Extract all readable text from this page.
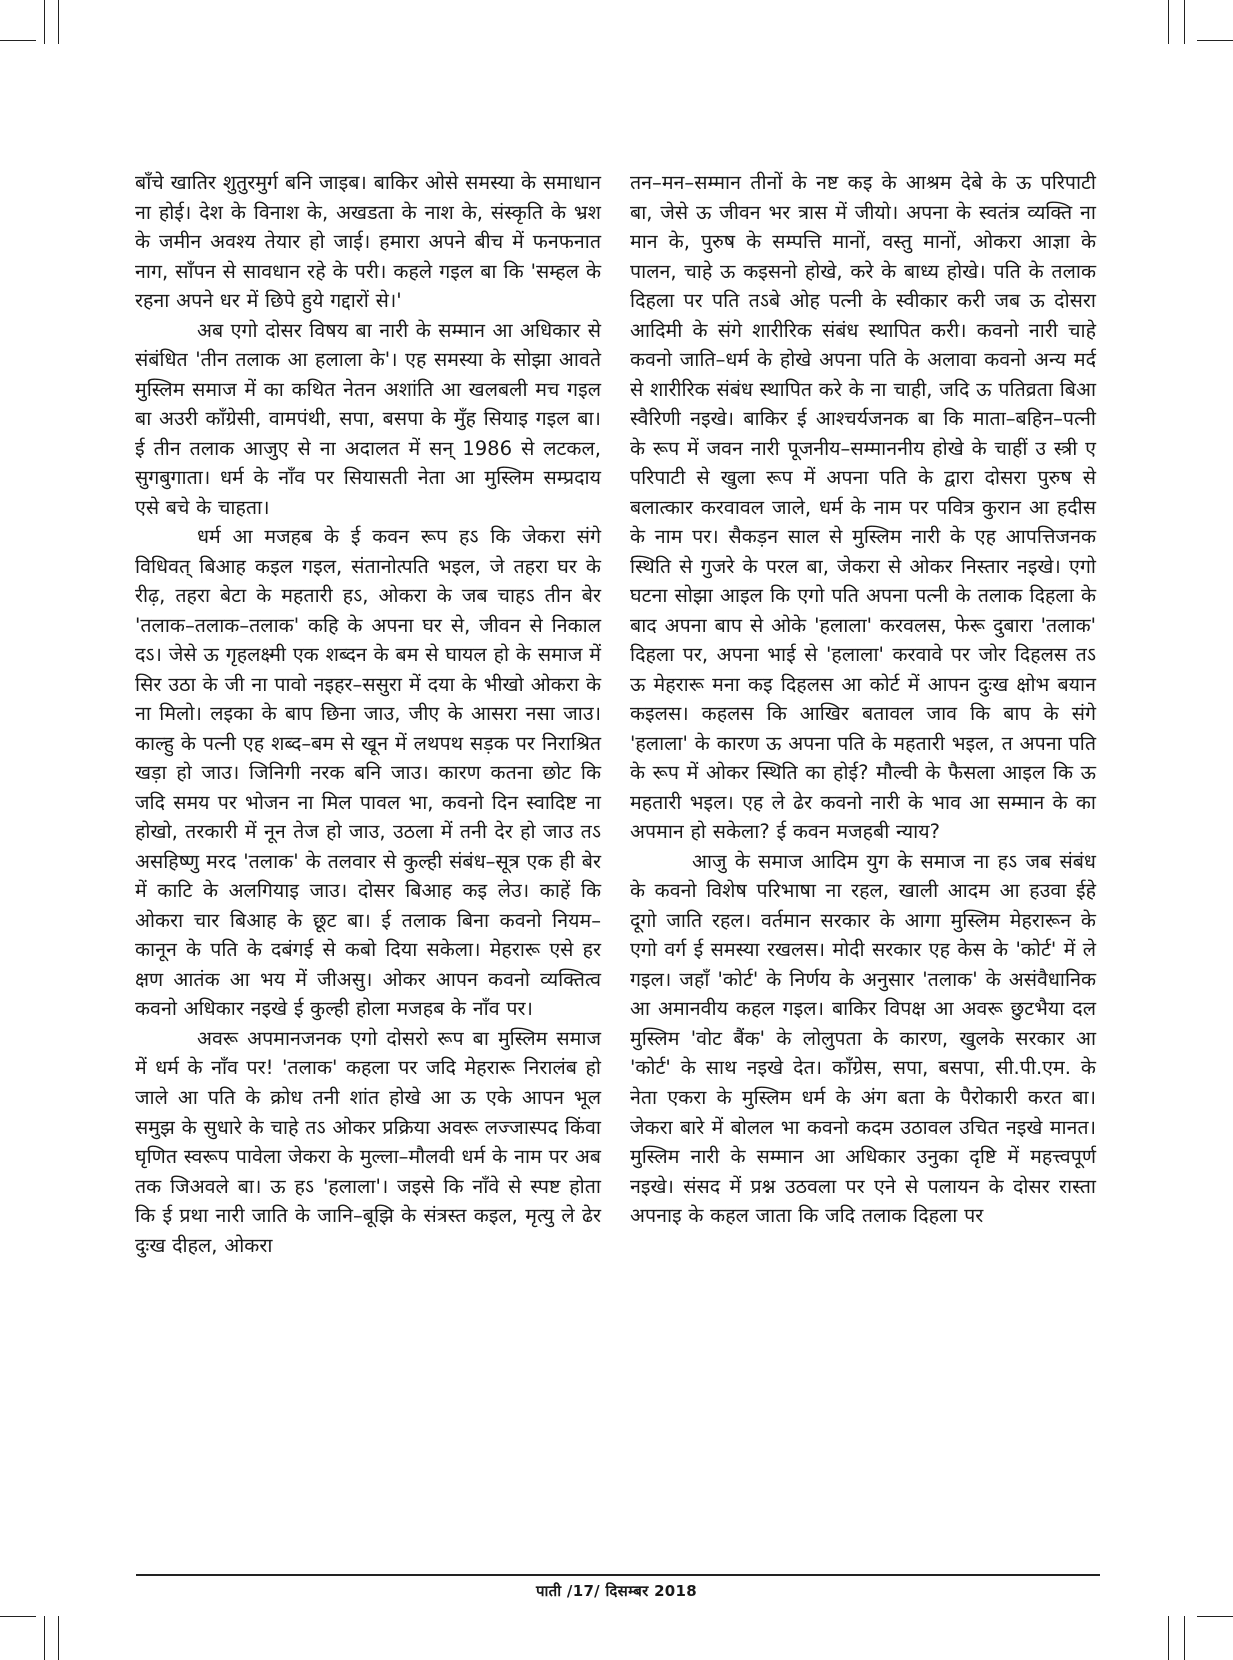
बाँचे खातिर शुतुरमुर्ग बनि जाइब। बाकिर ओसे समस्या के समाधान ना होई। देश के विनाश के, अखडता के नाश के, संस्कृति के भ्रश के जमीन अवश्य तेयार हो जाई। हमारा अपने बीच में फनफनात नाग, साँपन से सावधान रहे के परी। कहले गइल बा कि 'सम्हल के रहना अपने धर में छिपे हुये गद्दारों से।'

अब एगो दोसर विषय बा नारी के सम्मान आ अधिकार से संबंधित 'तीन तलाक आ हलाला के'। एह समस्या के सोझा आवते मुस्लिम समाज में का कथित नेतन अशांति आ खलबली मच गइल बा अउरी काँग्रेसी, वामपंथी, सपा, बसपा के मुँह सियाइ गइल बा। ई तीन तलाक आजुए से ना अदालत में सन् 1986 से लटकल, सुगबुगाता। धर्म के नाँव पर सियासती नेता आ मुस्लिम सम्प्रदाय एसे बचे के चाहता।

धर्म आ मजहब के ई कवन रूप हऽ कि जेकरा संगे विधिवत् बिआह कइल गइल, संतानोत्पति भइल, जे तहरा घर के रीढ़, तहरा बेटा के महतारी हऽ, ओकरा के जब चाहऽ तीन बेर 'तलाक–तलाक–तलाक' कहि के अपना घर से, जीवन से निकाल दऽ। जेसे ऊ गृहलक्ष्मी एक शब्दन के बम से घायल हो के समाज में सिर उठा के जी ना पावो नइहर–ससुरा में दया के भीखो ओकरा के ना मिलो। लइका के बाप छिना जाउ, जीए के आसरा नसा जाउ। काल्हु के पत्नी एह शब्द–बम से खून में लथपथ सड़क पर निराश्रित खड़ा हो जाउ। जिनिगी नरक बनि जाउ। कारण कतना छोट कि जदि समय पर भोजन ना मिल पावल भा, कवनो दिन स्वादिष्ट ना होखो, तरकारी में नून तेज हो जाउ, उठला में तनी देर हो जाउ तऽ असहिष्णु मरद 'तलाक' के तलवार से कुल्ही संबंध–सूत्र एक ही बेर में काटि के अलगियाइ जाउ। दोसर बिआह कइ लेउ। काहें कि ओकरा चार बिआह के छूट बा। ई तलाक बिना कवनो नियम–कानून के पति के दबंगई से कबो दिया सकेला। मेहरारू एसे हर क्षण आतंक आ भय में जीअसु। ओकर आपन कवनो व्यक्तित्व कवनो अधिकार नइखे ई कुल्ही होला मजहब के नाँव पर।

अवरू अपमानजनक एगो दोसरो रूप बा मुस्लिम समाज में धर्म के नाँव पर! 'तलाक' कहला पर जदि मेहरारू निरालंब हो जाले आ पति के क्रोध तनी शांत होखे आ ऊ एके आपन भूल समुझ के सुधारे के चाहे तऽ ओकर प्रक्रिया अवरू लज्जास्पद किंवा घृणित स्वरूप पावेला जेकरा के मुल्ला–मौलवी धर्म के नाम पर अब तक जिअवले बा। ऊ हऽ 'हलाला'। जइसे कि नाँवे से स्पष्ट होता कि ई प्रथा नारी जाति के जानि–बूझि के संत्रस्त कइल, मृत्यु ले ढेर दुःख दीहल, ओकरा

तन–मन–सम्मान तीनों के नष्ट कइ के आश्रम देबे के ऊ परिपाटी बा, जेसे ऊ जीवन भर त्रास में जीयो। अपना के स्वतंत्र व्यक्ति ना मान के, पुरुष के सम्पत्ति मानों, वस्तु मानों, ओकरा आज्ञा के पालन, चाहे ऊ कइसनो होखे, करे के बाध्य होखे। पति के तलाक दिहला पर पति तऽबे ओह पत्नी के स्वीकार करी जब ऊ दोसरा आदिमी के संगे शारीरिक संबंध स्थापित करी। कवनो नारी चाहे कवनो जाति–धर्म के होखे अपना पति के अलावा कवनो अन्य मर्द से शारीरिक संबंध स्थापित करे के ना चाही, जदि ऊ पतिव्रता बिआ स्वैरिणी नइखे। बाकिर ई आश्चर्यजनक बा कि माता–बहिन–पत्नी के रूप में जवन नारी पूजनीय–सम्माननीय होखे के चाहीं उ स्त्री ए परिपाटी से खुला रूप में अपना पति के द्वारा दोसरा पुरुष से बलात्कार करवावल जाले, धर्म के नाम पर पवित्र कुरान आ हदीस के नाम पर। सैकड़न साल से मुस्लिम नारी के एह आपत्तिजनक स्थिति से गुजरे के परल बा, जेकरा से ओकर निस्तार नइखे। एगो घटना सोझा आइल कि एगो पति अपना पत्नी के तलाक दिहला के बाद अपना बाप से ओके 'हलाला' करवलस, फेरू दुबारा 'तलाक' दिहला पर, अपना भाई से 'हलाला' करवावे पर जोर दिहलस तऽ ऊ मेहरारू मना कइ दिहलस आ कोर्ट में आपन दुःख क्षोभ बयान कइलस। कहलस कि आखिर बतावल जाव कि बाप के संगे 'हलाला' के कारण ऊ अपना पति के महतारी भइल, त अपना पति के रूप में ओकर स्थिति का होई? मौल्वी के फैसला आइल कि ऊ महतारी भइल। एह ले ढेर कवनो नारी के भाव आ सम्मान के का अपमान हो सकेला? ई कवन मजहबी न्याय?

आजु के समाज आदिम युग के समाज ना हऽ जब संबंध के कवनो विशेष परिभाषा ना रहल, खाली आदम आ हउवा ईहे दूगो जाति रहल। वर्तमान सरकार के आगा मुस्लिम मेहरारून के एगो वर्ग ई समस्या रखलस। मोदी सरकार एह केस के 'कोर्ट' में ले गइल। जहाँ 'कोर्ट' के निर्णय के अनुसार 'तलाक' के असंवैधानिक आ अमानवीय कहल गइल। बाकिर विपक्ष आ अवरू छुटभैया दल मुस्लिम 'वोट बैंक' के लोलुपता के कारण, खुलके सरकार आ 'कोर्ट' के साथ नइखे देत। काँग्रेस, सपा, बसपा, सी.पी.एम. के नेता एकरा के मुस्लिम धर्म के अंग बता के पैरोकारी करत बा। जेकरा बारे में बोलल भा कवनो कदम उठावल उचित नइखे मानत। मुस्लिम नारी के सम्मान आ अधिकार उनुका दृष्टि में महत्त्वपूर्ण नइखे। संसद में प्रश्न उठवला पर एने से पलायन के दोसर रास्ता अपनाइ के कहल जाता कि जदि तलाक दिहला पर

पाती /17/ दिसम्बर 2018
